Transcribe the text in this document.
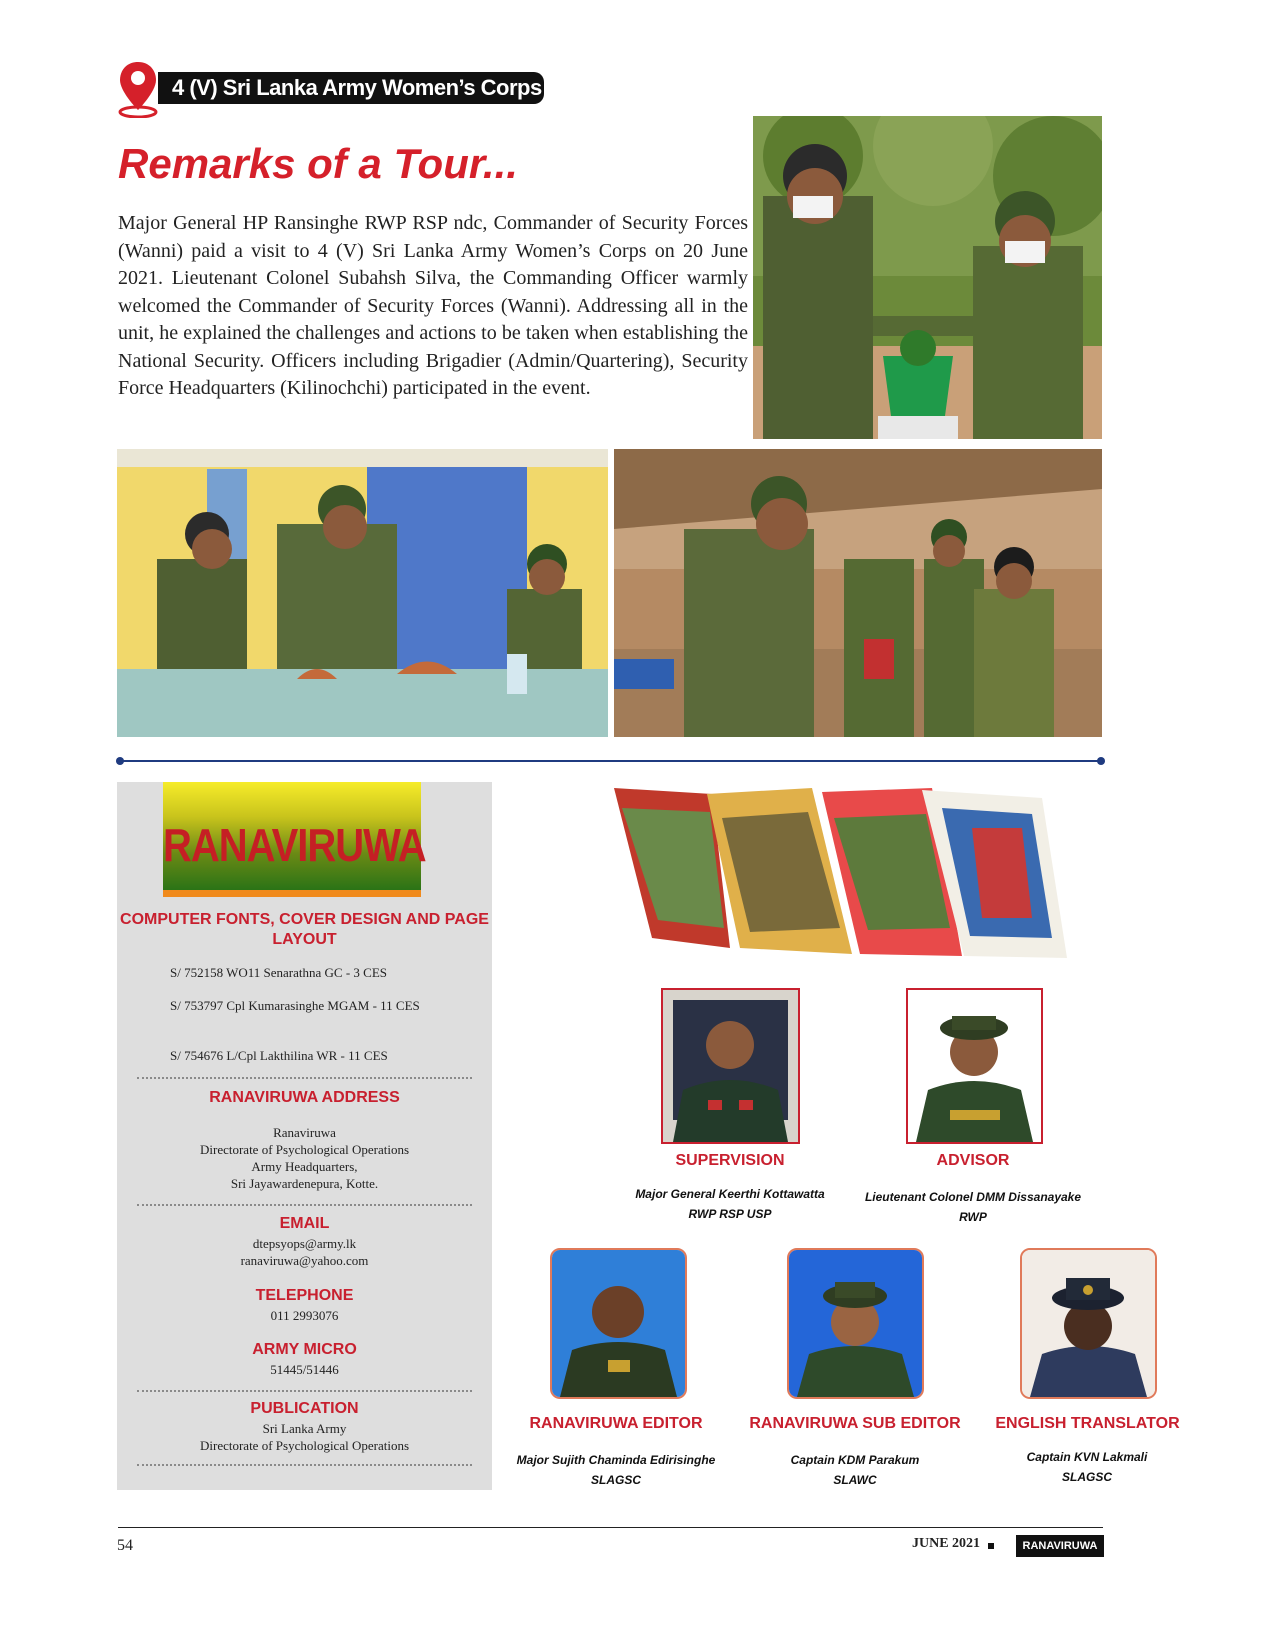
4 (V) Sri Lanka Army Women’s Corps
Remarks of a Tour...

Major General HP Ransinghe RWP RSP ndc, Commander of Security Forces (Wanni) paid a visit to 4 (V) Sri Lanka Army Women’s Corps on 20 June 2021. Lieutenant Colonel Subahsh Silva, the Commanding Officer warmly welcomed the Commander of Security Forces (Wanni). Addressing all in the unit, he explained the challenges and actions to be taken when establishing the National Security. Officers including Brigadier (Admin/Quartering), Security Force Headquarters (Kilinochchi) participated in the event.

RANAVIRUWA
COMPUTER FONTS, COVER DESIGN AND PAGE LAYOUT
S/ 752158 WO11 Senarathna GC - 3 CES
S/ 753797 Cpl Kumarasinghe MGAM - 11 CES
S/ 754676 L/Cpl Lakthilina WR - 11 CES
RANAVIRUWA ADDRESS
Ranaviruwa
Directorate of Psychological Operations
Army Headquarters,
Sri Jayawardenepura, Kotte.
EMAIL
dtepsyops@army.lk
ranaviruwa@yahoo.com
TELEPHONE
011 2993076
ARMY MICRO
51445/51446
PUBLICATION
Sri Lanka Army
Directorate of Psychological Operations
SUPERVISION
Major General Keerthi Kottawatta
RWP RSP USP
ADVISOR
Lieutenant Colonel DMM Dissanayake
RWP
RANAVIRUWA EDITOR
Major Sujith Chaminda Edirisinghe
SLAGSC
RANAVIRUWA SUB EDITOR
Captain KDM Parakum
SLAWC
ENGLISH TRANSLATOR
Captain KVN Lakmali
SLAGSC
54	JUNE 2021	RANAVIRUWA
